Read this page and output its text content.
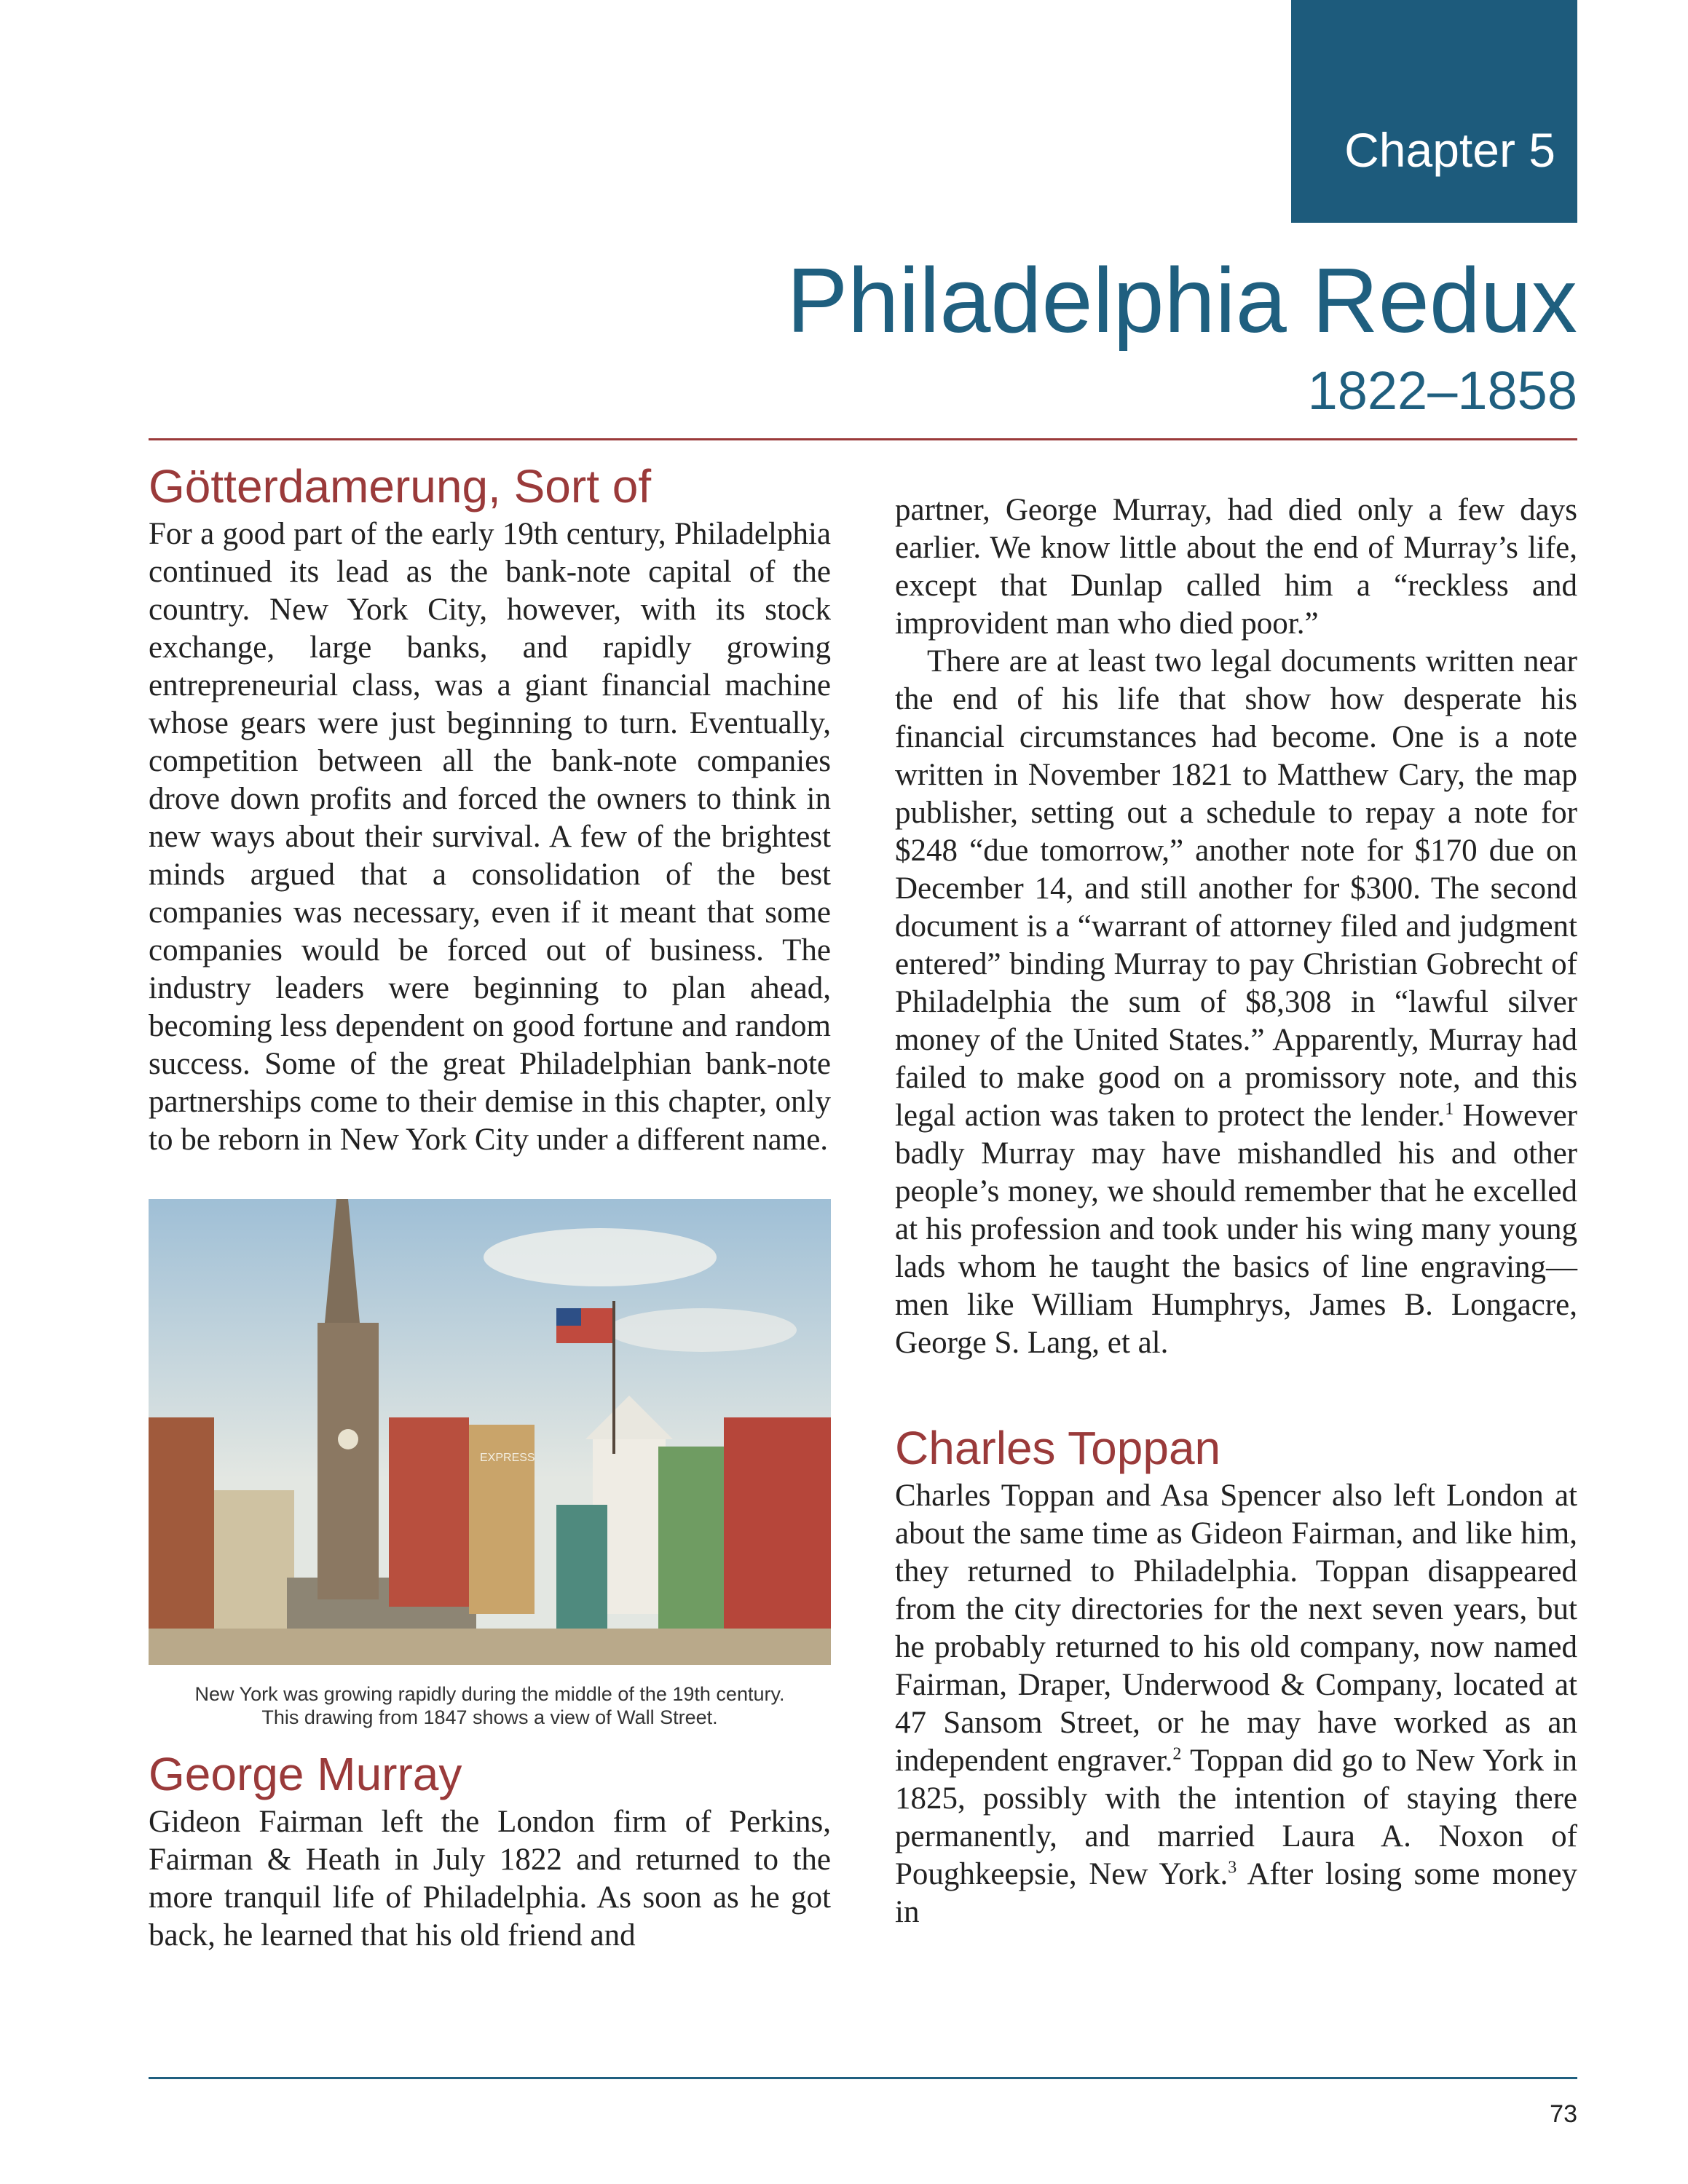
Chapter 5
Philadelphia Redux
1822–1858
Götterdamerung, Sort of

For a good part of the early 19th century, Philadelphia continued its lead as the bank-note capital of the country. New York City, however, with its stock exchange, large banks, and rapidly growing entrepreneurial class, was a giant financial machine whose gears were just beginning to turn. Eventually, competition between all the bank-note companies drove down profits and forced the owners to think in new ways about their survival. A few of the brightest minds argued that a consolidation of the best companies was necessary, even if it meant that some companies would be forced out of business. The industry leaders were beginning to plan ahead, becoming less dependent on good fortune and random success. Some of the great Philadelphian bank-note partnerships come to their demise in this chapter, only to be reborn in New York City under a different name.

EXPRESS
New York was growing rapidly during the middle of the 19th century.
This drawing from 1847 shows a view of Wall Street.
George Murray

Gideon Fairman left the London firm of Perkins, Fairman & Heath in July 1822 and returned to the more tranquil life of Philadelphia. As soon as he got back, he learned that his old friend and

partner, George Murray, had died only a few days earlier. We know little about the end of Murray’s life, except that Dunlap called him a “reckless and improvident man who died poor.”

There are at least two legal documents written near the end of his life that show how desperate his financial circumstances had become. One is a note written in November 1821 to Matthew Cary, the map publisher, setting out a schedule to repay a note for $248 “due tomorrow,” another note for $170 due on December 14, and still another for $300. The second document is a “warrant of attorney filed and judgment entered” binding Murray to pay Christian Gobrecht of Philadelphia the sum of $8,308 in “lawful silver money of the United States.” Apparently, Murray had failed to make good on a promissory note, and this legal action was taken to protect the lender.$^1$ However badly Murray may have mishandled his and other people’s money, we should remember that he excelled at his profession and took under his wing many young lads whom he taught the basics of line engraving—men like William Humphrys, James B. Longacre, George S. Lang, et al.

Charles Toppan

Charles Toppan and Asa Spencer also left London at about the same time as Gideon Fairman, and like him, they returned to Philadelphia. Toppan disappeared from the city directories for the next seven years, but he probably returned to his old company, now named Fairman, Draper, Underwood & Company, located at 47 Sansom Street, or he may have worked as an independent engraver.$^2$ Toppan did go to New York in 1825, possibly with the intention of staying there permanently, and married Laura A. Noxon of Poughkeepsie, New York.$^3$ After losing some money in

73
